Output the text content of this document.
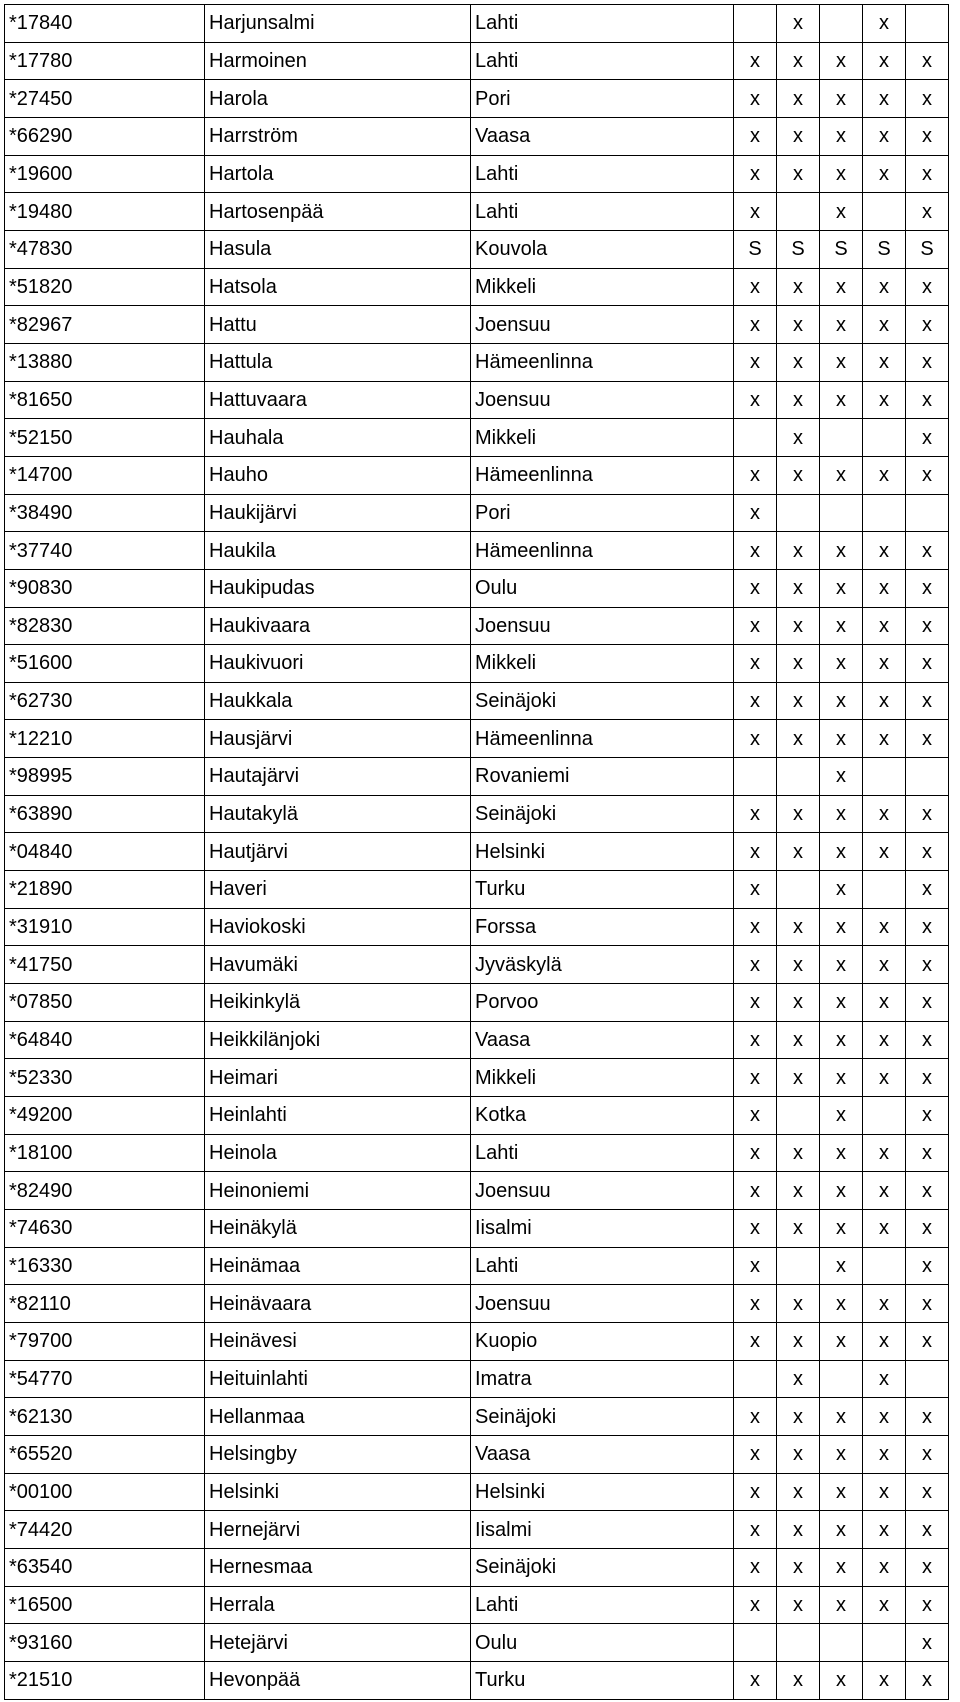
*17840	Harjunsalmi	Lahti		x		x	
*17780	Harmoinen	Lahti	x	x	x	x	x
*27450	Harola	Pori	x	x	x	x	x
*66290	Harrström	Vaasa	x	x	x	x	x
*19600	Hartola	Lahti	x	x	x	x	x
*19480	Hartosenpää	Lahti	x		x		x
*47830	Hasula	Kouvola	S	S	S	S	S
*51820	Hatsola	Mikkeli	x	x	x	x	x
*82967	Hattu	Joensuu	x	x	x	x	x
*13880	Hattula	Hämeenlinna	x	x	x	x	x
*81650	Hattuvaara	Joensuu	x	x	x	x	x
*52150	Hauhala	Mikkeli		x			x
*14700	Hauho	Hämeenlinna	x	x	x	x	x
*38490	Haukijärvi	Pori	x				
*37740	Haukila	Hämeenlinna	x	x	x	x	x
*90830	Haukipudas	Oulu	x	x	x	x	x
*82830	Haukivaara	Joensuu	x	x	x	x	x
*51600	Haukivuori	Mikkeli	x	x	x	x	x
*62730	Haukkala	Seinäjoki	x	x	x	x	x
*12210	Hausjärvi	Hämeenlinna	x	x	x	x	x
*98995	Hautajärvi	Rovaniemi			x		
*63890	Hautakylä	Seinäjoki	x	x	x	x	x
*04840	Hautjärvi	Helsinki	x	x	x	x	x
*21890	Haveri	Turku	x		x		x
*31910	Haviokoski	Forssa	x	x	x	x	x
*41750	Havumäki	Jyväskylä	x	x	x	x	x
*07850	Heikinkylä	Porvoo	x	x	x	x	x
*64840	Heikkilänjoki	Vaasa	x	x	x	x	x
*52330	Heimari	Mikkeli	x	x	x	x	x
*49200	Heinlahti	Kotka	x		x		x
*18100	Heinola	Lahti	x	x	x	x	x
*82490	Heinoniemi	Joensuu	x	x	x	x	x
*74630	Heinäkylä	Iisalmi	x	x	x	x	x
*16330	Heinämaa	Lahti	x		x		x
*82110	Heinävaara	Joensuu	x	x	x	x	x
*79700	Heinävesi	Kuopio	x	x	x	x	x
*54770	Heituinlahti	Imatra		x		x	
*62130	Hellanmaa	Seinäjoki	x	x	x	x	x
*65520	Helsingby	Vaasa	x	x	x	x	x
*00100	Helsinki	Helsinki	x	x	x	x	x
*74420	Hernejärvi	Iisalmi	x	x	x	x	x
*63540	Hernesmaa	Seinäjoki	x	x	x	x	x
*16500	Herrala	Lahti	x	x	x	x	x
*93160	Hetejärvi	Oulu					x
*21510	Hevonpää	Turku	x	x	x	x	x
